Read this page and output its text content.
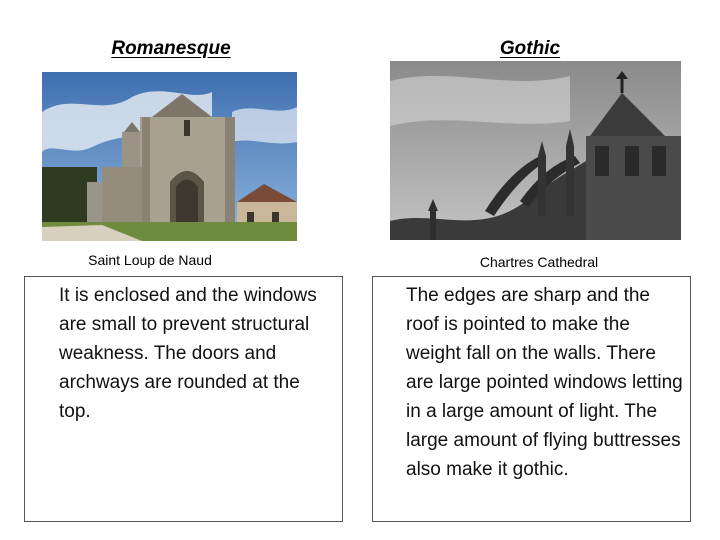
Romanesque	Gothic
Saint Loup de Naud	Chartres Cathedral

It is enclosed and the windows are small to prevent structural weakness. The doors and archways are rounded at the top.

The edges are sharp and the roof is pointed to make the weight fall on the walls. There are large pointed windows letting in a large amount of light. The large amount of flying buttresses also make it gothic.
